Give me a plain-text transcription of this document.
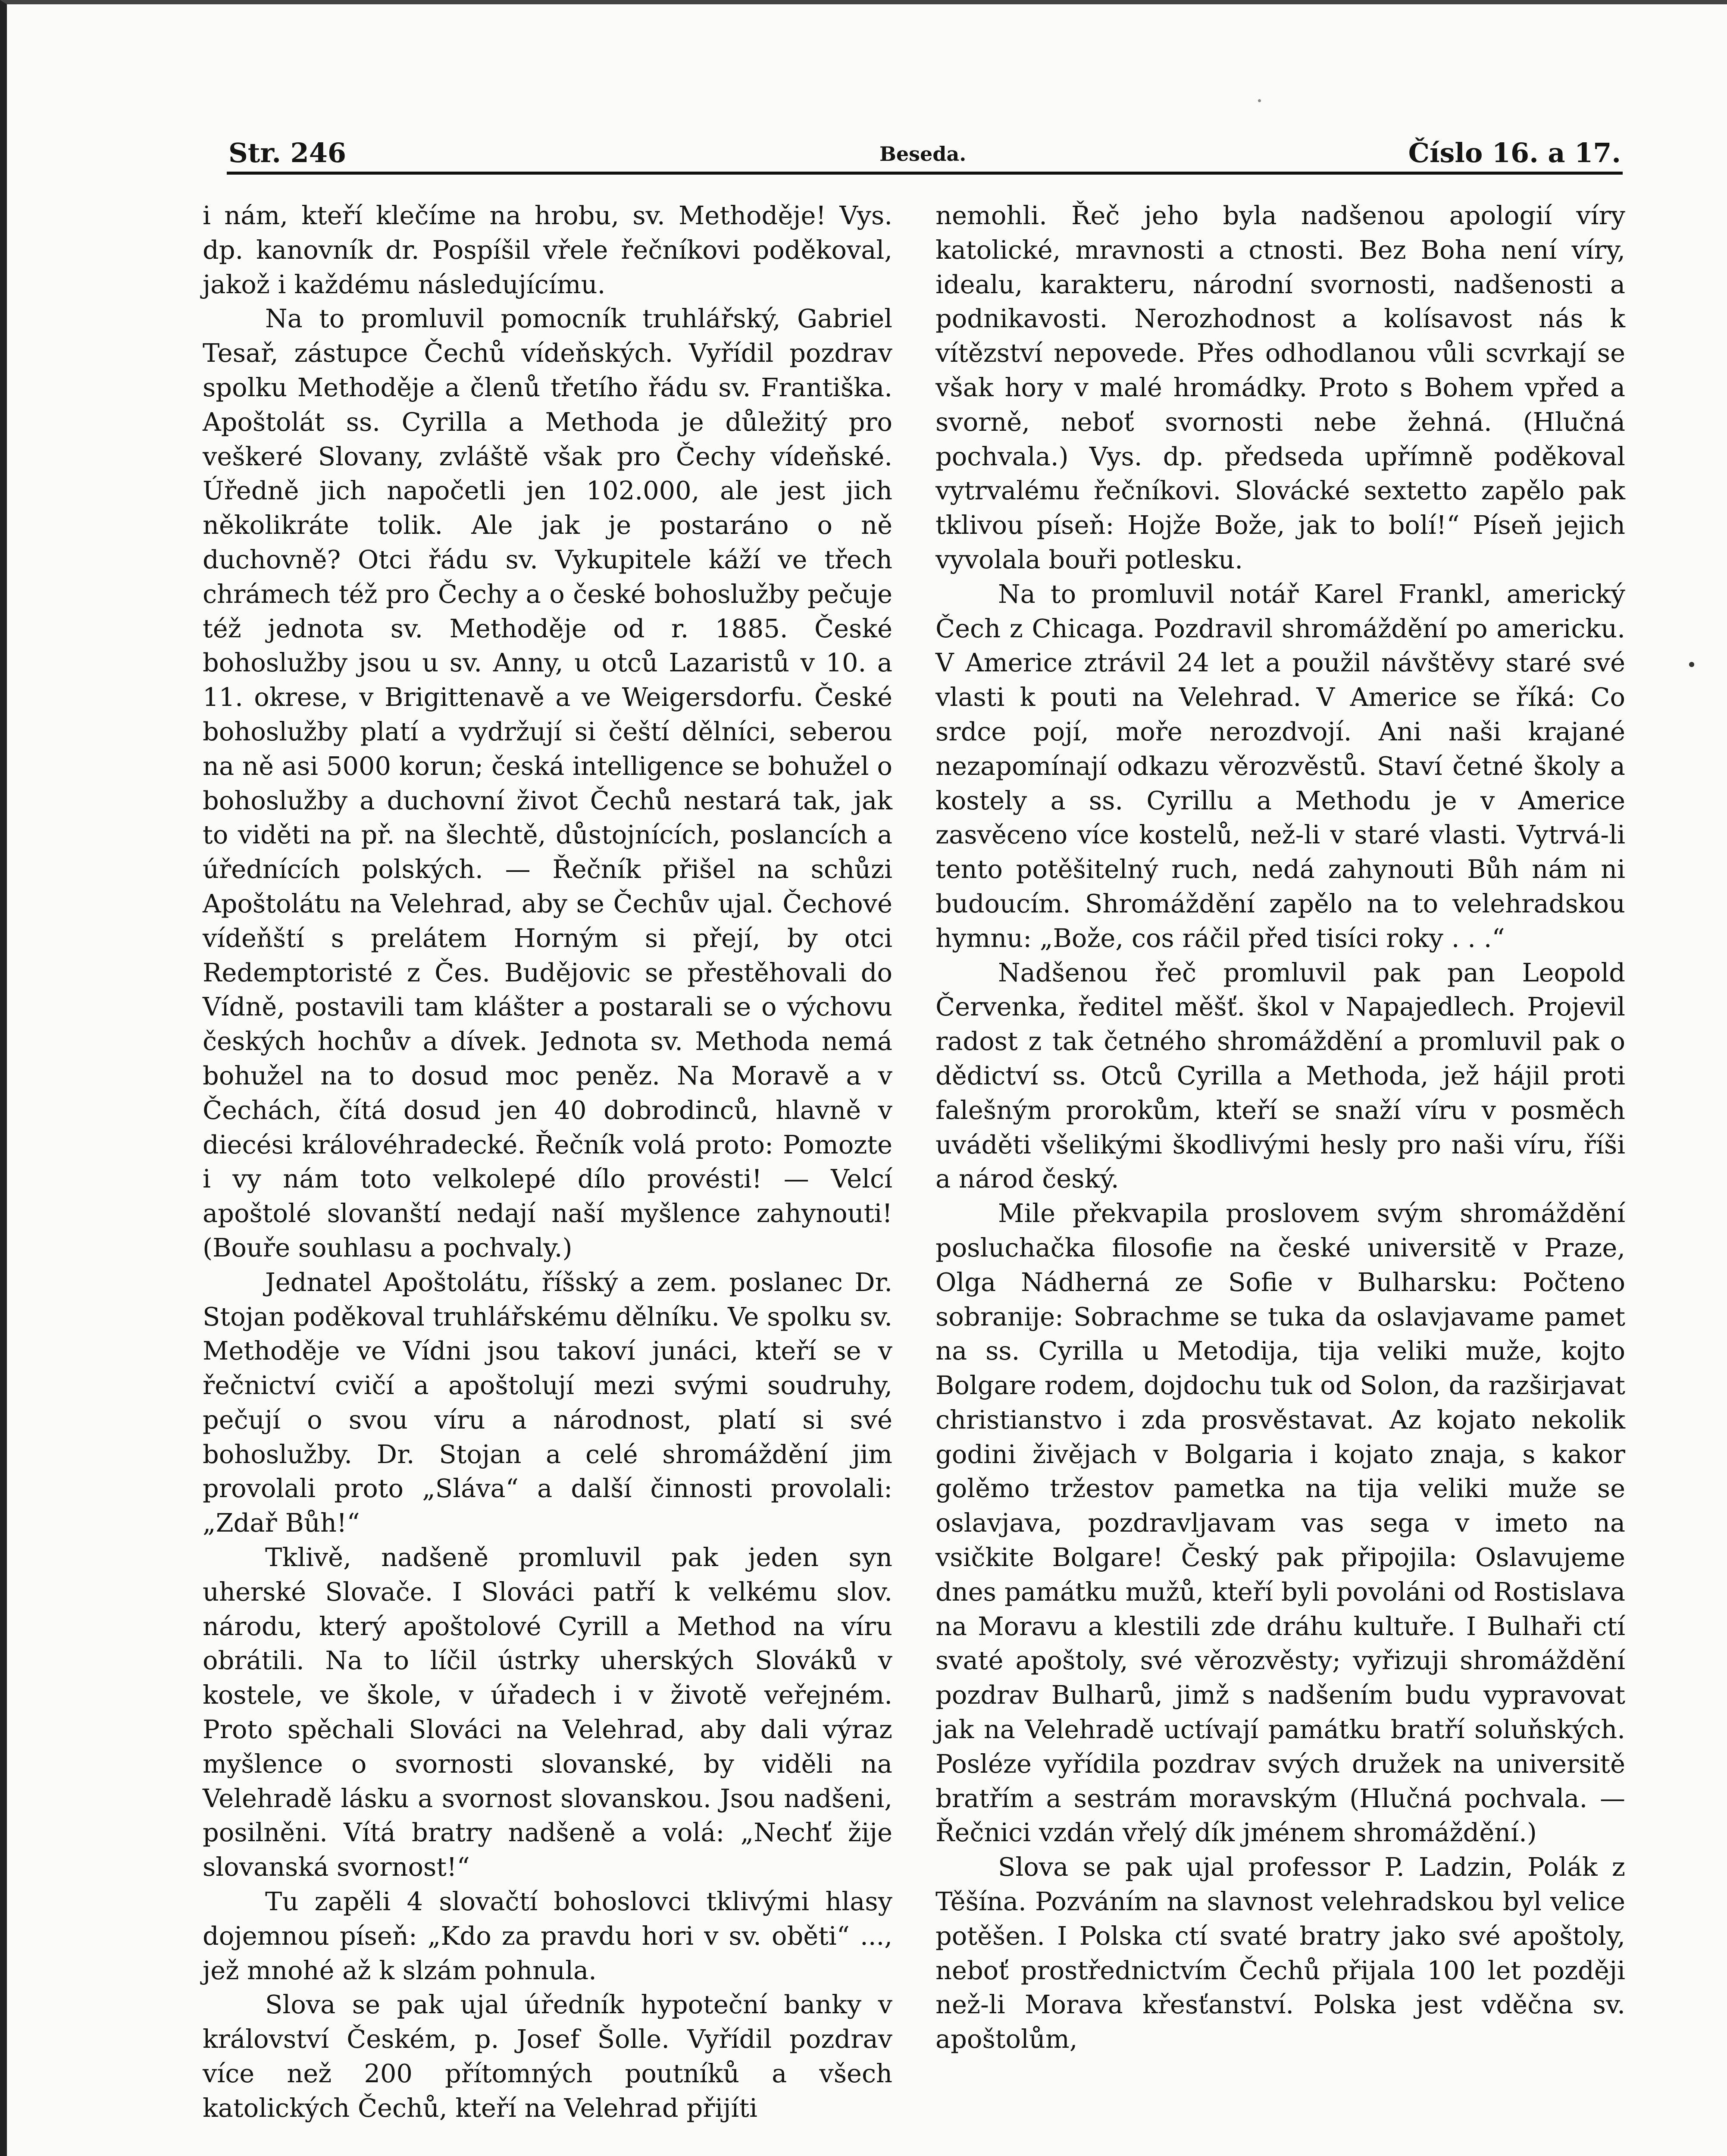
Str. 246	Beseda.	Číslo 16. a 17.

i nám, kteří klečíme na hrobu, sv. Methoděje! Vys. dp. kanovník dr. Pospíšil vřele řečníkovi poděkoval, jakož i každému následujícímu.

Na to promluvil pomocník truhlářský, Gabriel Tesař, zástupce Čechů vídeňských. Vyřídil pozdrav spolku Methoděje a členů třetího řádu sv. Františka. Apoštolát ss. Cyrilla a Methoda je důležitý pro veškeré Slovany, zvláště však pro Čechy vídeňské. Úředně jich napočetli jen 102.000, ale jest jich několikráte tolik. Ale jak je postaráno o ně duchovně? Otci řádu sv. Vykupitele káží ve třech chrámech též pro Čechy a o české bohoslužby pečuje též jednota sv. Methoděje od r. 1885. České bohoslužby jsou u sv. Anny, u otců Lazaristů v 10. a 11. okrese, v Brigittenavě a ve Weigersdorfu. České bohoslužby platí a vydržují si čeští dělníci, seberou na ně asi 5000 korun; česká intelligence se bohužel o bohoslužby a duchovní život Čechů nestará tak, jak to viděti na př. na šlechtě, důstojnících, poslancích a úřednících polských. — Řečník přišel na schůzi Apoštolátu na Velehrad, aby se Čechův ujal. Čechové vídeňští s prelátem Horným si přejí, by otci Redemptoristé z Čes. Budějovic se přestěhovali do Vídně, postavili tam klášter a postarali se o výchovu českých hochův a dívek. Jednota sv. Methoda nemá bohužel na to dosud moc peněz. Na Moravě a v Čechách, čítá dosud jen 40 dobrodinců, hlavně v diecési královéhradecké. Řečník volá proto: Pomozte i vy nám toto velkolepé dílo provésti! — Velcí apoštolé slovanští nedají naší myšlence zahynouti! (Bouře souhlasu a pochvaly.)

Jednatel Apoštolátu, říšský a zem. poslanec Dr. Stojan poděkoval truhlářskému dělníku. Ve spolku sv. Methoděje ve Vídni jsou takoví junáci, kteří se v řečnictví cvičí a apoštolují mezi svými soudruhy, pečují o svou víru a národnost, platí si své bohoslužby. Dr. Stojan a celé shromáždění jim provolali proto „Sláva“ a další činnosti provolali: „Zdař Bůh!“

Tklivě, nadšeně promluvil pak jeden syn uherské Slovače. I Slováci patří k velkému slov. národu, který apoštolové Cyrill a Method na víru obrátili. Na to líčil ústrky uherských Slováků v kostele, ve škole, v úřadech i v životě veřejném. Proto spěchali Slováci na Velehrad, aby dali výraz myšlence o svornosti slovanské, by viděli na Velehradě lásku a svornost slovanskou. Jsou nadšeni, posilněni. Vítá bratry nadšeně a volá: „Nechť žije slovanská svornost!“

Tu zapěli 4 slovačtí bohoslovci tklivými hlasy dojemnou píseň: „Kdo za pravdu hori v sv. oběti“ ..., jež mnohé až k slzám pohnula.

Slova se pak ujal úředník hypoteční banky v království Českém, p. Josef Šolle. Vyřídil pozdrav více než 200 přítomných poutníků a všech katolických Čechů, kteří na Velehrad přijíti

nemohli. Řeč jeho byla nadšenou apologií víry katolické, mravnosti a ctnosti. Bez Boha není víry, idealu, karakteru, národní svornosti, nadšenosti a podnikavosti. Nerozhodnost a kolísavost nás k vítězství nepovede. Přes odhodlanou vůli scvrkají se však hory v malé hromádky. Proto s Bohem vpřed a svorně, neboť svornosti nebe žehná. (Hlučná pochvala.) Vys. dp. předseda upřímně poděkoval vytrvalému řečníkovi. Slovácké sextetto zapělo pak tklivou píseň: Hojže Bože, jak to bolí!“ Píseň jejich vyvolala bouři potlesku.

Na to promluvil notář Karel Frankl, americký Čech z Chicaga. Pozdravil shromáždění po americku. V Americe ztrávil 24 let a použil návštěvy staré své vlasti k pouti na Velehrad. V Americe se říká: Co srdce pojí, moře nerozdvojí. Ani naši krajané nezapomínají odkazu věrozvěstů. Staví četné školy a kostely a ss. Cyrillu a Methodu je v Americe zasvěceno více kostelů, než-li v staré vlasti. Vytrvá-li tento potěšitelný ruch, nedá zahynouti Bůh nám ni budoucím. Shromáždění zapělo na to velehradskou hymnu: „Bože, cos ráčil před tisíci roky . . .“

Nadšenou řeč promluvil pak pan Leopold Červenka, ředitel měšť. škol v Napajedlech. Projevil radost z tak četného shromáždění a promluvil pak o dědictví ss. Otců Cyrilla a Methoda, jež hájil proti falešným prorokům, kteří se snaží víru v posměch uváděti všelikými škodlivými hesly pro naši víru, říši a národ český.

Mile překvapila proslovem svým shromáždění posluchačka filosofie na české universitě v Praze, Olga Nádherná ze Sofie v Bulharsku: Počteno sobranije: Sobrachme se tuka da oslavjavame pamet na ss. Cyrilla u Metodija, tija veliki muže, kojto Bolgare rodem, dojdochu tuk od Solon, da razširjavat christianstvo i zda prosvěstavat. Az kojato nekolik godini živějach v Bolgaria i kojato znaja, s kakor golěmo tržestov pametka na tija veliki muže se oslavjava, pozdravljavam vas sega v imeto na vsičkite Bolgare! Český pak připojila: Oslavujeme dnes památku mužů, kteří byli povoláni od Rostislava na Moravu a klestili zde dráhu kultuře. I Bulhaři ctí svaté apoštoly, své věrozvěsty; vyřizuji shromáždění pozdrav Bulharů, jimž s nadšením budu vypravovat jak na Velehradě uctívají památku bratří soluňských. Posléze vyřídila pozdrav svých družek na universitě bratřím a sestrám moravským (Hlučná pochvala. — Řečnici vzdán vřelý dík jménem shromáždění.)

Slova se pak ujal professor P. Ladzin, Polák z Těšína. Pozváním na slavnost velehradskou byl velice potěšen. I Polska ctí svaté bratry jako své apoštoly, neboť prostřednictvím Čechů přijala 100 let později než-li Morava křesťanství. Polska jest vděčna sv. apoštolům,
